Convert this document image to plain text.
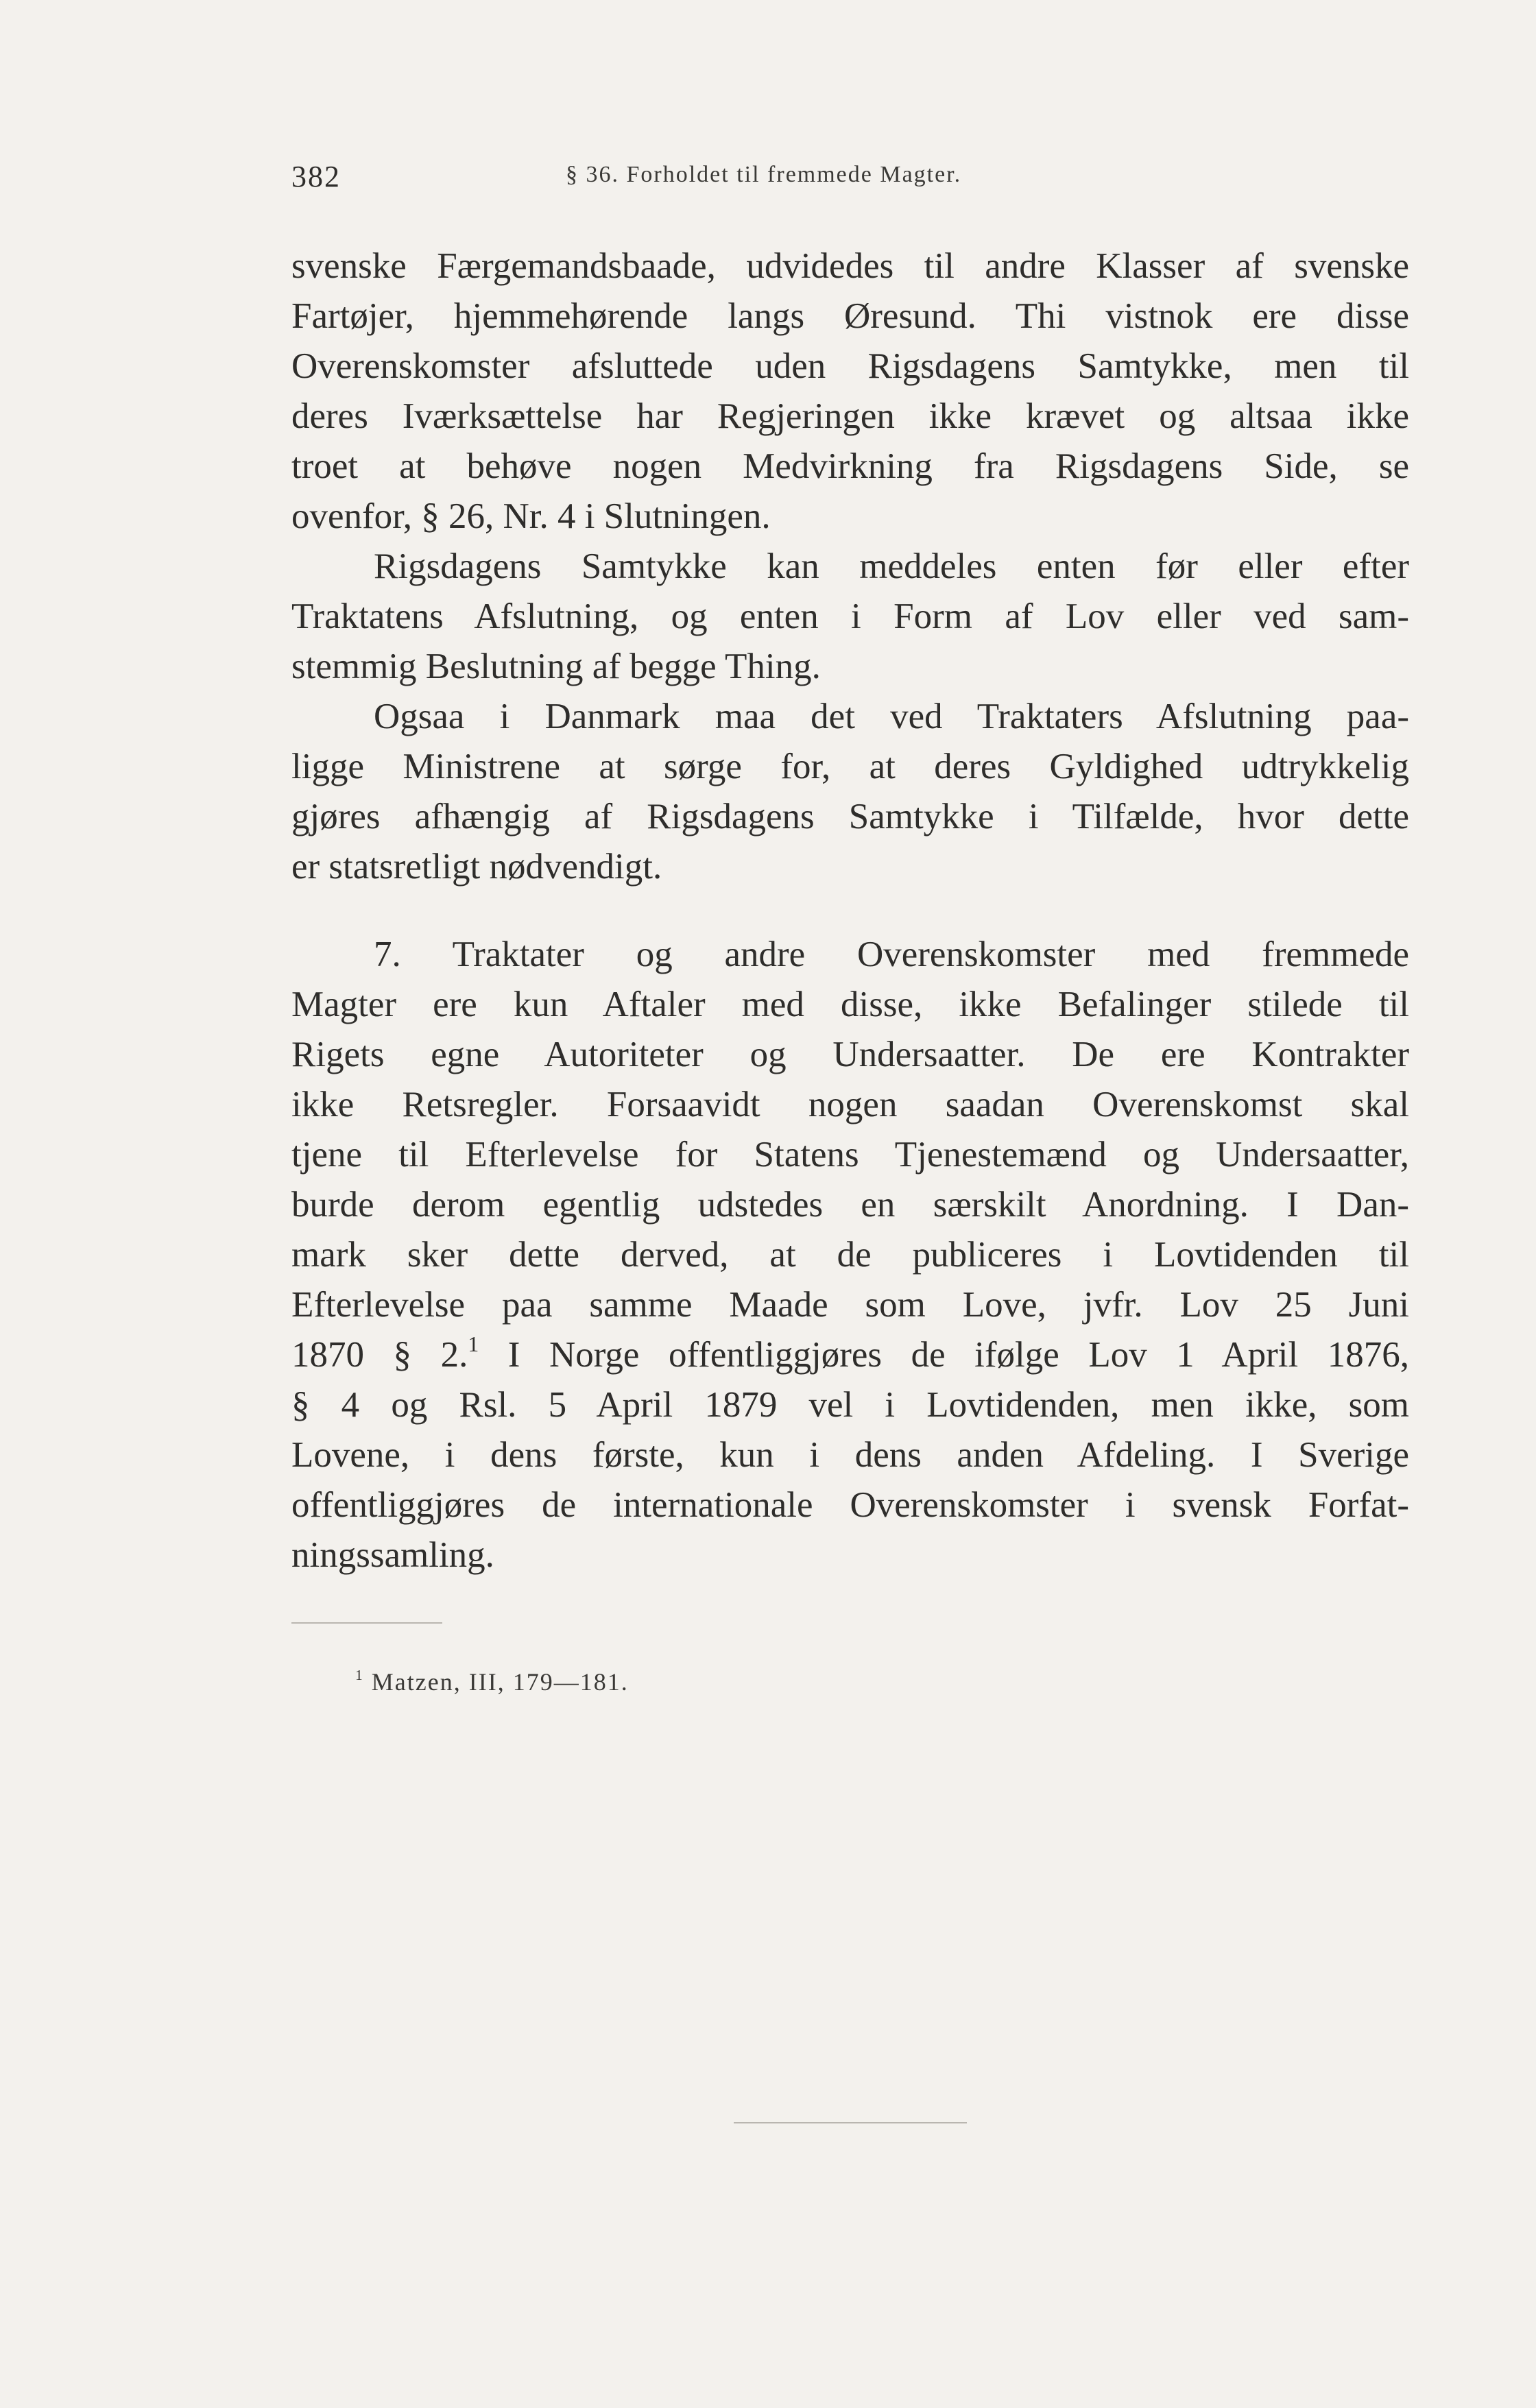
382	§ 36. Forholdet til fremmede Magter.
svenske Færgemandsbaade, udvidedes til andre Klasser af svenske
Fartøjer, hjemmehørende langs Øresund. Thi vistnok ere disse
Overenskomster afsluttede uden Rigsdagens Samtykke, men til
deres Iværksættelse har Regjeringen ikke krævet og altsaa ikke
troet at behøve nogen Medvirkning fra Rigsdagens Side, se
ovenfor, § 26, Nr. 4 i Slutningen.
Rigsdagens Samtykke kan meddeles enten før eller efter
Traktatens Afslutning, og enten i Form af Lov eller ved sam-
stemmig Beslutning af begge Thing.
Ogsaa i Danmark maa det ved Traktaters Afslutning paa-
ligge Ministrene at sørge for, at deres Gyldighed udtrykkelig
gjøres afhængig af Rigsdagens Samtykke i Tilfælde, hvor dette
er statsretligt nødvendigt.
7. Traktater og andre Overenskomster med fremmede
Magter ere kun Aftaler med disse, ikke Befalinger stilede til
Rigets egne Autoriteter og Undersaatter. De ere Kontrakter
ikke Retsregler. Forsaavidt nogen saadan Overenskomst skal
tjene til Efterlevelse for Statens Tjenestemænd og Undersaatter,
burde derom egentlig udstedes en særskilt Anordning. I Dan-
mark sker dette derved, at de publiceres i Lovtidenden til
Efterlevelse paa samme Maade som Love, jvfr. Lov 25 Juni
1870 § 2.$^1$ I Norge offentliggjøres de ifølge Lov 1 April 1876,
§ 4 og Rsl. 5 April 1879 vel i Lovtidenden, men ikke, som
Lovene, i dens første, kun i dens anden Afdeling. I Sverige
offentliggjøres de internationale Overenskomster i svensk Forfat-
ningssamling.
$^1$ Matzen, III, 179—181.
